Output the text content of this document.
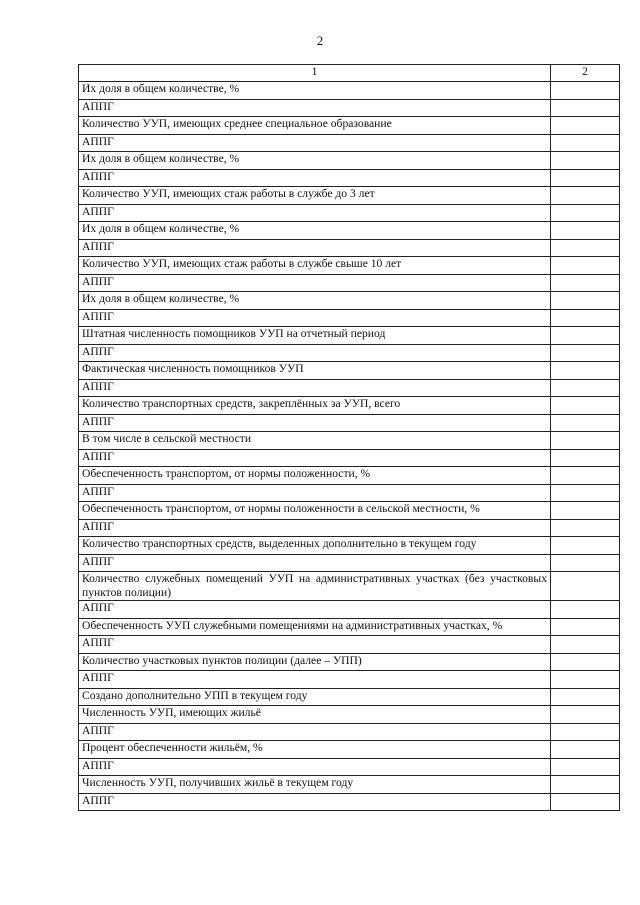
2
1	2
Их доля в общем количестве, %	
АППГ	
Количество УУП, имеющих среднее специальное образование	
АППГ	
Их доля в общем количестве, %	
АППГ	
Количество УУП, имеющих стаж работы в службе до 3 лет	
АППГ	
Их доля в общем количестве, %	
АППГ	
Количество УУП, имеющих стаж работы в службе свыше 10 лет	
АППГ	
Их доля в общем количестве, %	
АППГ	
Штатная численность помощников УУП на отчетный период	
АППГ	
Фактическая численность помощников УУП	
АППГ	
Количество транспортных средств, закреплённых за УУП, всего	
АППГ	
В том числе в сельской местности	
АППГ	
Обеспеченность транспортом, от нормы положенности, %	
АППГ	
Обеспеченность транспортом, от нормы положенности в сельской местности, %	
АППГ	
Количество транспортных средств, выделенных дополнительно в текущем году	
АППГ	
Количество служебных помещений УУП на административных участках (без участковых пунктов полиции)	
АППГ	
Обеспеченность УУП служебными помещениями на административных участках, %	
АППГ	
Количество участковых пунктов полиции (далее – УПП)	
АППГ	
Создано дополнительно УПП в текущем году	
Численность УУП, имеющих жильё	
АППГ	
Процент обеспеченности жильём, %	
АППГ	
Численность УУП, получивших жильё в текущем году	
АППГ	
